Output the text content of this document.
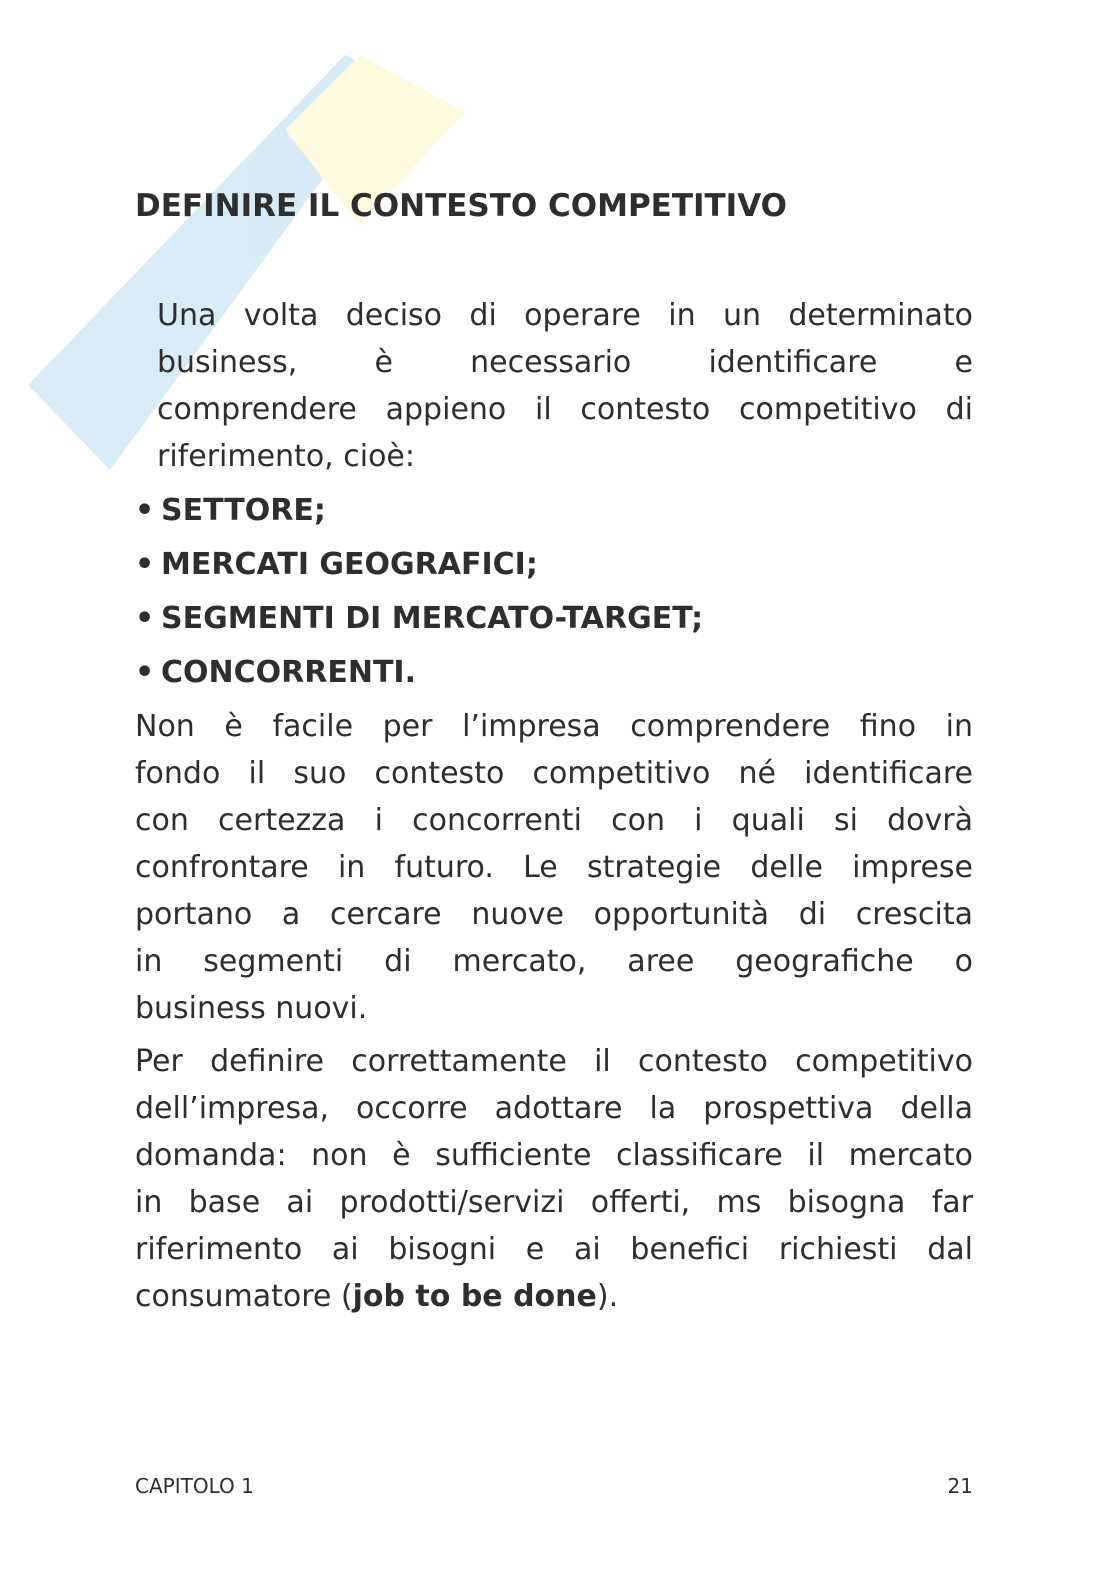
DEFINIRE IL CONTESTO COMPETITIVO
Una volta deciso di operare in un determinato
business, è necessario identificare e
comprendere appieno il contesto competitivo di
riferimento, cioè:
• SETTORE;
• MERCATI GEOGRAFICI;
• SEGMENTI DI MERCATO-TARGET;
• CONCORRENTI.
Non è facile per l’impresa comprendere fino in
fondo il suo contesto competitivo né identificare
con certezza i concorrenti con i quali si dovrà
confrontare in futuro. Le strategie delle imprese
portano a cercare nuove opportunità di crescita
in segmenti di mercato, aree geografiche o
business nuovi.
Per definire correttamente il contesto competitivo
dell’impresa, occorre adottare la prospettiva della
domanda: non è sufficiente classificare il mercato
in base ai prodotti/servizi offerti, ms bisogna far
riferimento ai bisogni e ai benefici richiesti dal
consumatore (job to be done).
CAPITOLO 1	21
